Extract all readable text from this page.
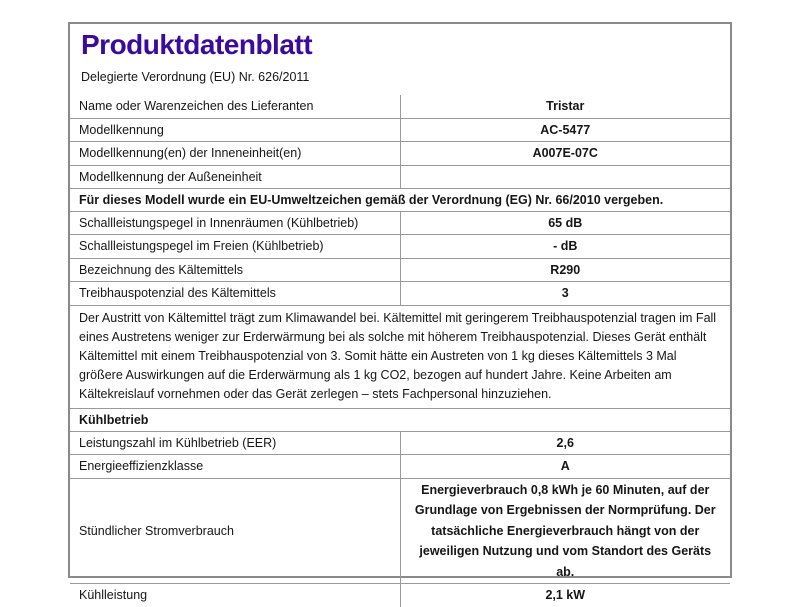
Produktdatenblatt
Delegierte Verordnung (EU) Nr. 626/2011
Name oder Warenzeichen des Lieferanten	Tristar
Modellkennung	AC-5477
Modellkennung(en) der Inneneinheit(en)	A007E-07C
Modellkennung der Außeneinheit	
Für dieses Modell wurde ein EU-Umweltzeichen gemäß der Verordnung (EG) Nr. 66/2010 vergeben.	
Schallleistungspegel in Innenräumen (Kühlbetrieb)	65 dB
Schallleistungspegel im Freien (Kühlbetrieb)	- dB
Bezeichnung des Kältemittels	R290
Treibhauspotenzial des Kältemittels	3
Der Austritt von Kältemittel trägt zum Klimawandel bei. Kältemittel mit geringerem Treibhauspotenzial tragen im Fall eines Austretens weniger zur Erderwärmung bei als solche mit höherem Treibhauspotenzial. Dieses Gerät enthält Kältemittel mit einem Treibhauspotenzial von 3. Somit hätte ein Austreten von 1 kg dieses Kältemittels 3 Mal größere Auswirkungen auf die Erderwärmung als 1 kg CO2, bezogen auf hundert Jahre. Keine Arbeiten am Kältekreislauf vornehmen oder das Gerät zerlegen – stets Fachpersonal hinzuziehen.	
Kühlbetrieb	
Leistungszahl im Kühlbetrieb (EER)	2,6
Energieeffizienzklasse	A
Stündlicher Stromverbrauch	Energieverbrauch 0,8 kWh je 60 Minuten, auf der Grundlage von Ergebnissen der Normprüfung. Der tatsächliche Energieverbrauch hängt von der jeweiligen Nutzung und vom Standort des Geräts ab.
Kühlleistung	2,1 kW
